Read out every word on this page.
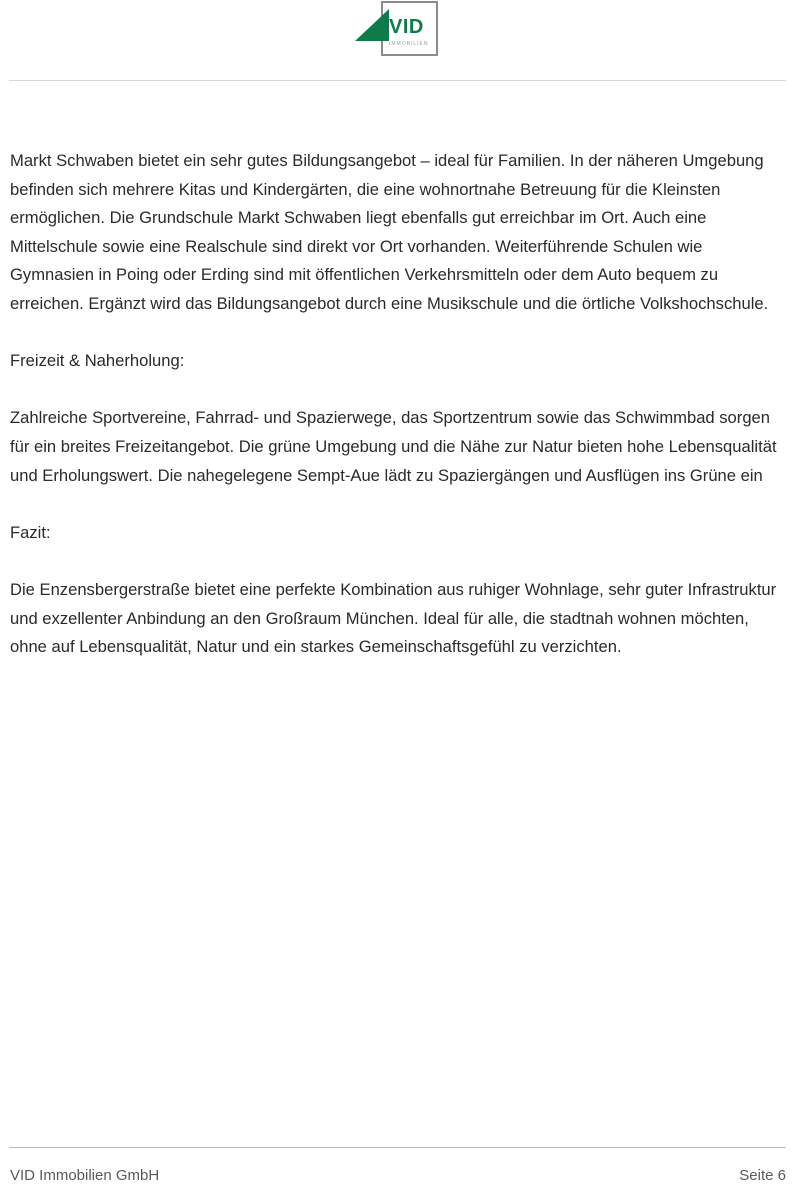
VID
IMMOBILIEN

Markt Schwaben bietet ein sehr gutes Bildungsangebot – ideal für Familien. In der näheren Umgebung befinden sich mehrere Kitas und Kindergärten, die eine wohnortnahe Betreuung für die Kleinsten ermöglichen. Die Grundschule Markt Schwaben liegt ebenfalls gut erreichbar im Ort. Auch eine Mittelschule sowie eine Realschule sind direkt vor Ort vorhanden. Weiterführende Schulen wie Gymnasien in Poing oder Erding sind mit öffentlichen Verkehrsmitteln oder dem Auto bequem zu erreichen. Ergänzt wird das Bildungsangebot durch eine Musikschule und die örtliche Volkshochschule.

Freizeit & Naherholung:

Zahlreiche Sportvereine, Fahrrad- und Spazierwege, das Sportzentrum sowie das Schwimmbad sorgen für ein breites Freizeitangebot. Die grüne Umgebung und die Nähe zur Natur bieten hohe Lebensqualität und Erholungswert. Die nahegelegene Sempt-Aue lädt zu Spaziergängen und Ausflügen ins Grüne ein

Fazit:

Die Enzensbergerstraße bietet eine perfekte Kombination aus ruhiger Wohnlage, sehr guter Infrastruktur und exzellenter Anbindung an den Großraum München. Ideal für alle, die stadtnah wohnen möchten, ohne auf Lebensqualität, Natur und ein starkes Gemeinschaftsgefühl zu verzichten.

VID Immobilien GmbH	Seite 6
